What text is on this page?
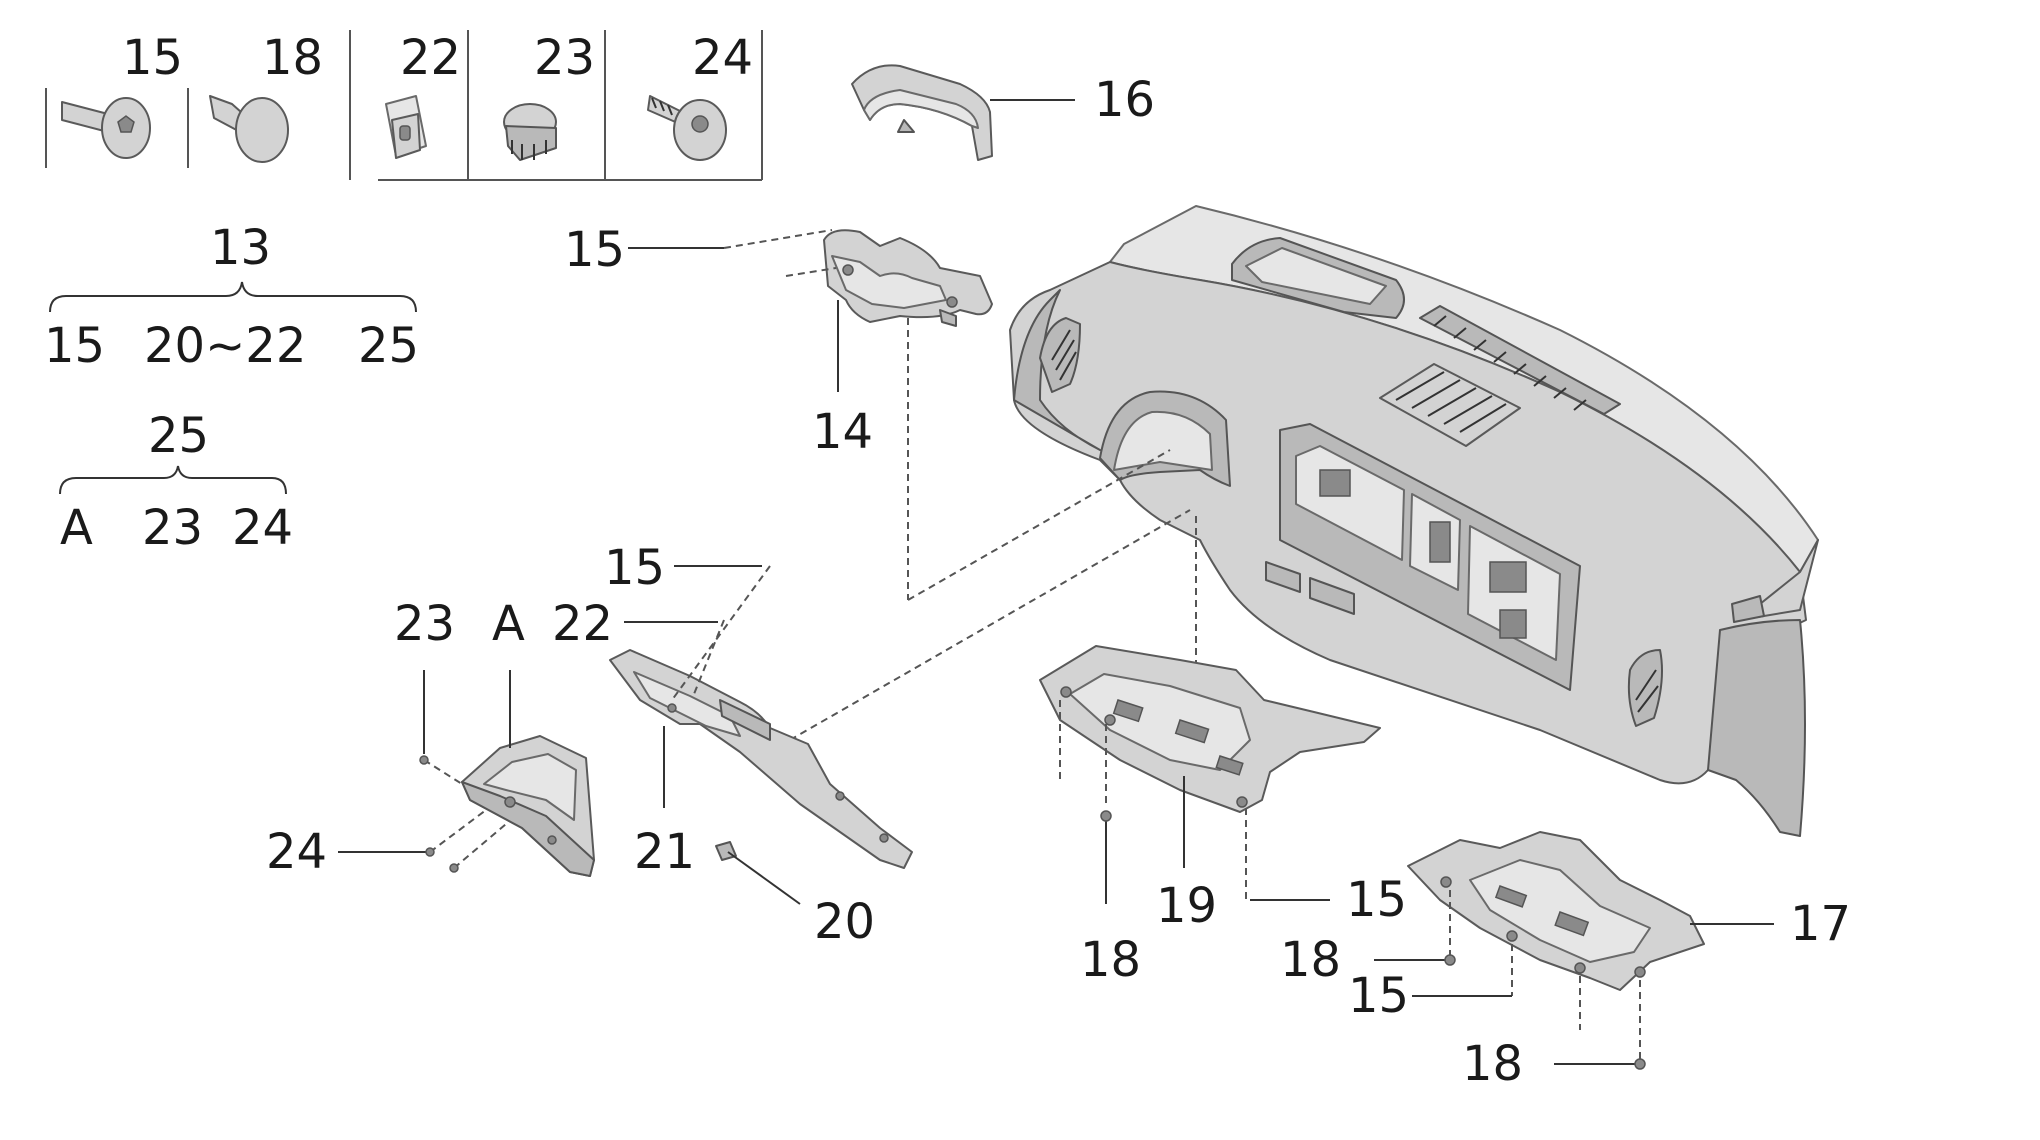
15 18 22 23 24
13
15 20~22 25
25
A 23 24
16
14
15
19
18
15	17
18
15
18
21
15
22
20
A
23
24
